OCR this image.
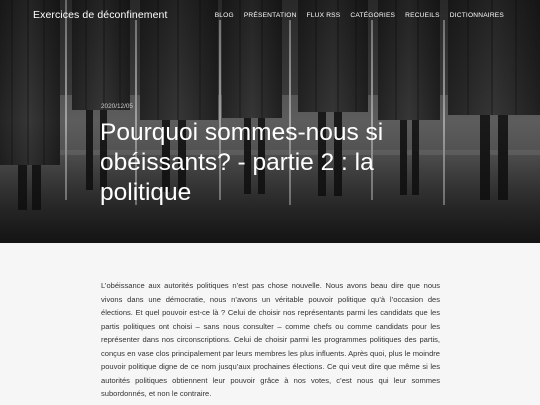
Exercices de déconfinement	BLOG PRÉSENTATION FLUX RSS CATÉGORIES RECUEILS DICTIONNAIRES
2020/12/05
Pourquoi sommes-nous si obéissants? - partie 2 : la politique

L’obéissance aux autorités politiques n’est pas chose nouvelle. Nous avons beau dire que nous vivons dans une démocratie, nous n’avons un véritable pouvoir politique qu’à l’occasion des élections. Et quel pouvoir est-ce là ? Celui de choisir nos représentants parmi les candidats que les partis politiques ont choisi – sans nous consulter – comme chefs ou comme candidats pour les représenter dans nos circonscriptions. Celui de choisir parmi les programmes politiques des partis, conçus en vase clos principalement par leurs membres les plus influents. Après quoi, plus le moindre pouvoir politique digne de ce nom jusqu’aux prochaines élections. Ce qui veut dire que même si les autorités politiques obtiennent leur pouvoir grâce à nos votes, c’est nous qui leur sommes subordonnés, et non le contraire.
